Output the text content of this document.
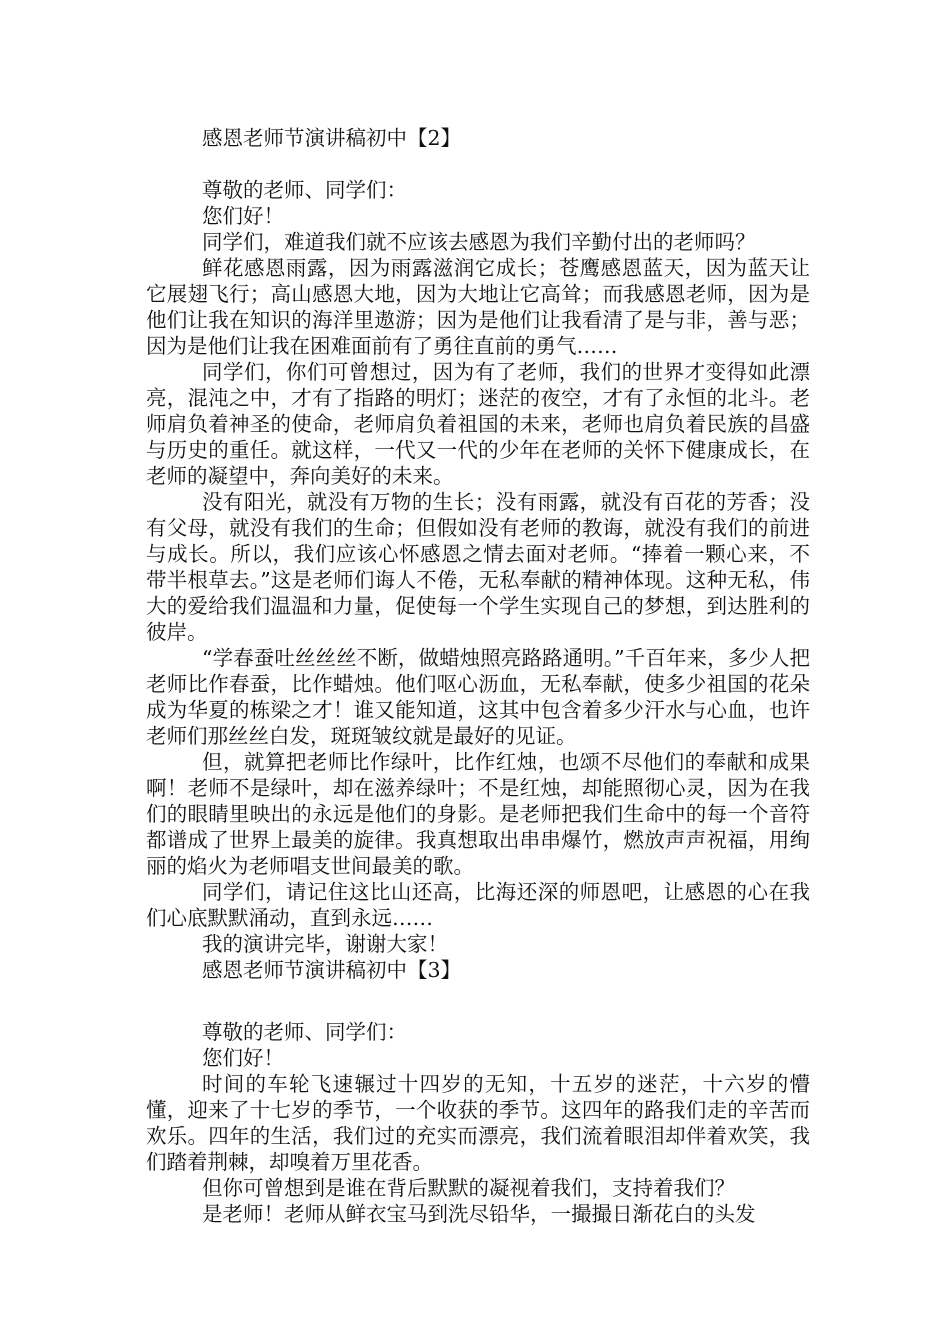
感恩老师节演讲稿初中【2】

尊敬的老师、同学们：

您们好！

同学们，难道我们就不应该去感恩为我们辛勤付出的老师吗？

鲜花感恩雨露，因为雨露滋润它成长；苍鹰感恩蓝天，因为蓝天让它展翅飞行；高山感恩大地，因为大地让它高耸；而我感恩老师，因为是他们让我在知识的海洋里遨游；因为是他们让我看清了是与非，善与恶；因为是他们让我在困难面前有了勇往直前的勇气……

同学们，你们可曾想过，因为有了老师，我们的世界才变得如此漂亮，混沌之中，才有了指路的明灯；迷茫的夜空，才有了永恒的北斗。老师肩负着神圣的使命，老师肩负着祖国的未来，老师也肩负着民族的昌盛与历史的重任。就这样，一代又一代的少年在老师的关怀下健康成长，在老师的凝望中，奔向美好的未来。

没有阳光，就没有万物的生长；没有雨露，就没有百花的芳香；没有父母，就没有我们的生命；但假如没有老师的教诲，就没有我们的前进与成长。所以，我们应该心怀感恩之情去面对老师。“捧着一颗心来，不带半根草去。”这是老师们诲人不倦，无私奉献的精神体现。这种无私，伟大的爱给我们温温和力量，促使每一个学生实现自己的梦想，到达胜利的彼岸。

“学春蚕吐丝丝丝不断，做蜡烛照亮路路通明。”千百年来，多少人把老师比作春蚕，比作蜡烛。他们呕心沥血，无私奉献，使多少祖国的花朵成为华夏的栋梁之才！谁又能知道，这其中包含着多少汗水与心血，也许老师们那丝丝白发，斑斑皱纹就是最好的见证。

但，就算把老师比作绿叶，比作红烛，也颂不尽他们的奉献和成果啊！老师不是绿叶，却在滋养绿叶；不是红烛，却能照彻心灵，因为在我们的眼睛里映出的永远是他们的身影。是老师把我们生命中的每一个音符都谱成了世界上最美的旋律。我真想取出串串爆竹，燃放声声祝福，用绚丽的焰火为老师唱支世间最美的歌。

同学们，请记住这比山还高，比海还深的师恩吧，让感恩的心在我们心底默默涌动，直到永远……

我的演讲完毕，谢谢大家！

感恩老师节演讲稿初中【3】

尊敬的老师、同学们：

您们好！

时间的车轮飞速辗过十四岁的无知，十五岁的迷茫，十六岁的懵懂，迎来了十七岁的季节，一个收获的季节。这四年的路我们走的辛苦而欢乐。四年的生活，我们过的充实而漂亮，我们流着眼泪却伴着欢笑，我们踏着荆棘，却嗅着万里花香。

但你可曾想到是谁在背后默默的凝视着我们，支持着我们？

是老师！老师从鲜衣宝马到洗尽铅华，一撮撮日渐花白的头发
